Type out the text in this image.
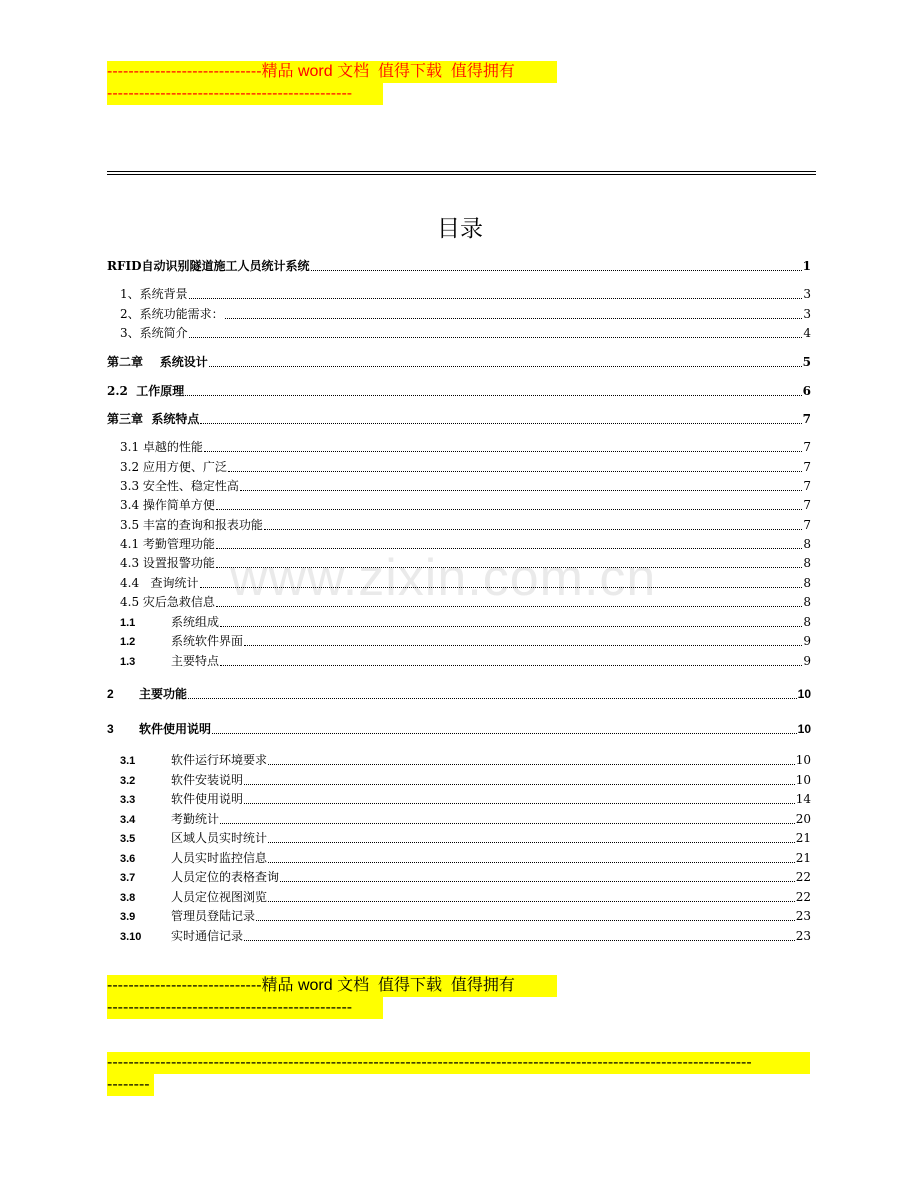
-----------------------------精品 word 文档  值得下载  值得拥有
----------------------------------------------
目录
www.zixin.com.cn
RFID自动识别隧道施工人员统计系统	1
1、系统背景	3
2、系统功能需求：	3
3、系统简介	4
第二章    系统设计	5
2.2  工作原理	6
第三章  系统特点	7
3.1 卓越的性能	7
3.2 应用方便、广泛	7
3.3 安全性、稳定性高	7
3.4 操作简单方便	7
3.5 丰富的查询和报表功能	7
4.1 考勤管理功能	8
4.3 设置报警功能	8
4.4   查询统计	8
4.5 灾后急救信息	8
1.1	系统组成	8
1.2	系统软件界面	9
1.3	主要特点	9
2	主要功能	10
3	软件使用说明	10
3.1	软件运行环境要求	10
3.2	软件安装说明	10
3.3	软件使用说明	14
3.4	考勤统计	20
3.5	区域人员实时统计	21
3.6	人员实时监控信息	21
3.7	人员定位的表格查询	22
3.8	人员定位视图浏览	22
3.9	管理员登陆记录	23
3.10	实时通信记录	23
-----------------------------精品 word 文档  值得下载  值得拥有
----------------------------------------------
-------------------------------------------------------------------------------------------------------------------------
--------
